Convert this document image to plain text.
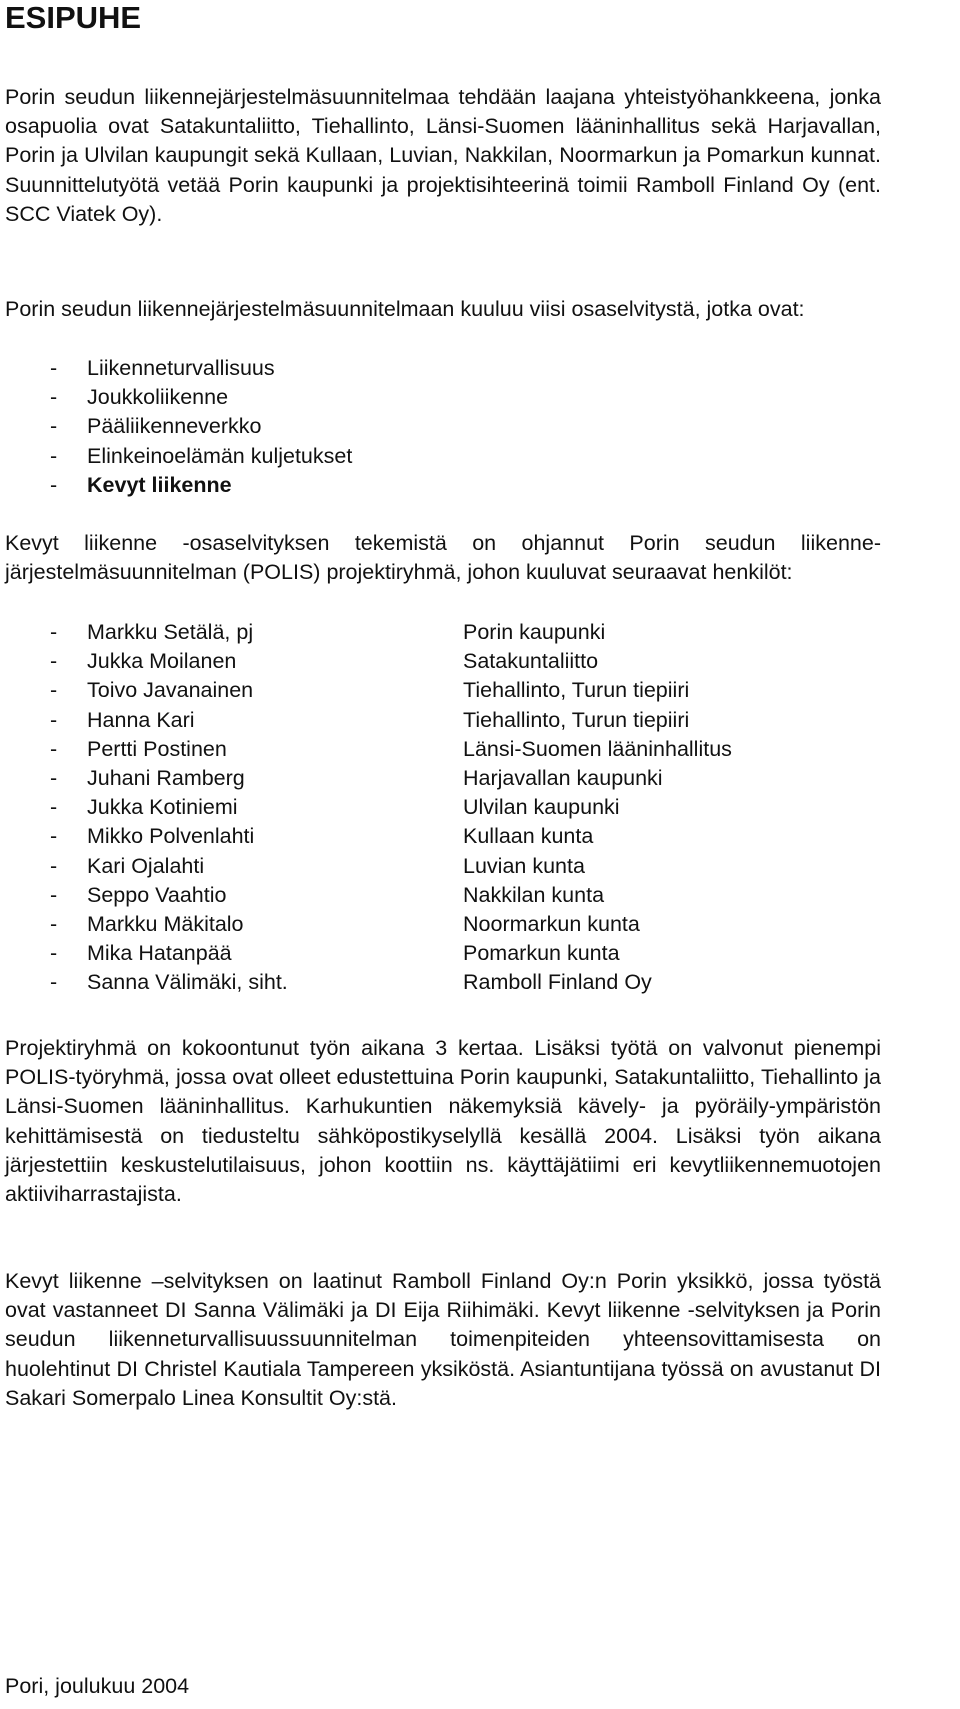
ESIPUHE

Porin seudun liikennejärjestelmäsuunnitelmaa tehdään laajana yhteistyöhankkeena, jonka osapuolia ovat Satakuntaliitto, Tiehallinto, Länsi-Suomen lääninhallitus sekä Harjavallan, Porin ja Ulvilan kaupungit sekä Kullaan, Luvian, Nakkilan, Noormarkun ja Pomarkun kunnat. Suunnittelutyötä vetää Porin kaupunki ja projektisihteerinä toimii Ramboll Finland Oy (ent. SCC Viatek Oy).

Porin seudun liikennejärjestelmäsuunnitelmaan kuuluu viisi osaselvitystä, jotka ovat:

- Liikenneturvallisuus
- Joukkoliikenne
- Pääliikenneverkko
- Elinkeinoelämän kuljetukset
- Kevyt liikenne

Kevyt liikenne -osaselvityksen tekemistä on ohjannut Porin seudun liikennejärjestelmäsuunnitelman (POLIS) projektiryhmä, johon kuuluvat seuraavat henkilöt:

- Markku Setälä, pj	Porin kaupunki
- Jukka Moilanen	Satakuntaliitto
- Toivo Javanainen	Tiehallinto, Turun tiepiiri
- Hanna Kari	Tiehallinto, Turun tiepiiri
- Pertti Postinen	Länsi-Suomen lääninhallitus
- Juhani Ramberg	Harjavallan kaupunki
- Jukka Kotiniemi	Ulvilan kaupunki
- Mikko Polvenlahti	Kullaan kunta
- Kari Ojalahti	Luvian kunta
- Seppo Vaahtio	Nakkilan kunta
- Markku Mäkitalo	Noormarkun kunta
- Mika Hatanpää	Pomarkun kunta
- Sanna Välimäki, siht.	Ramboll Finland Oy

Projektiryhmä on kokoontunut työn aikana 3 kertaa. Lisäksi työtä on valvonut pienempi POLIS-työryhmä, jossa ovat olleet edustettuina Porin kaupunki, Satakuntaliitto, Tiehallinto ja Länsi-Suomen lääninhallitus. Karhukuntien näkemyksiä kävely- ja pyöräily-ympäristön kehittämisestä on tiedusteltu sähköpostikyselyllä kesällä 2004. Lisäksi työn aikana järjestettiin keskustelutilaisuus, johon koottiin ns. käyttäjätiimi eri kevytliikennemuotojen aktiiviharrastajista.

Kevyt liikenne –selvityksen on laatinut Ramboll Finland Oy:n Porin yksikkö, jossa työstä ovat vastanneet DI Sanna Välimäki ja DI Eija Riihimäki. Kevyt liikenne -selvityksen ja Porin seudun liikenneturvallisuussuunnitelman toimenpiteiden yhteensovittamisesta on huolehtinut DI Christel Kautiala Tampereen yksiköstä. Asiantuntijana työssä on avustanut DI Sakari Somerpalo Linea Konsultit Oy:stä.

Pori, joulukuu 2004
